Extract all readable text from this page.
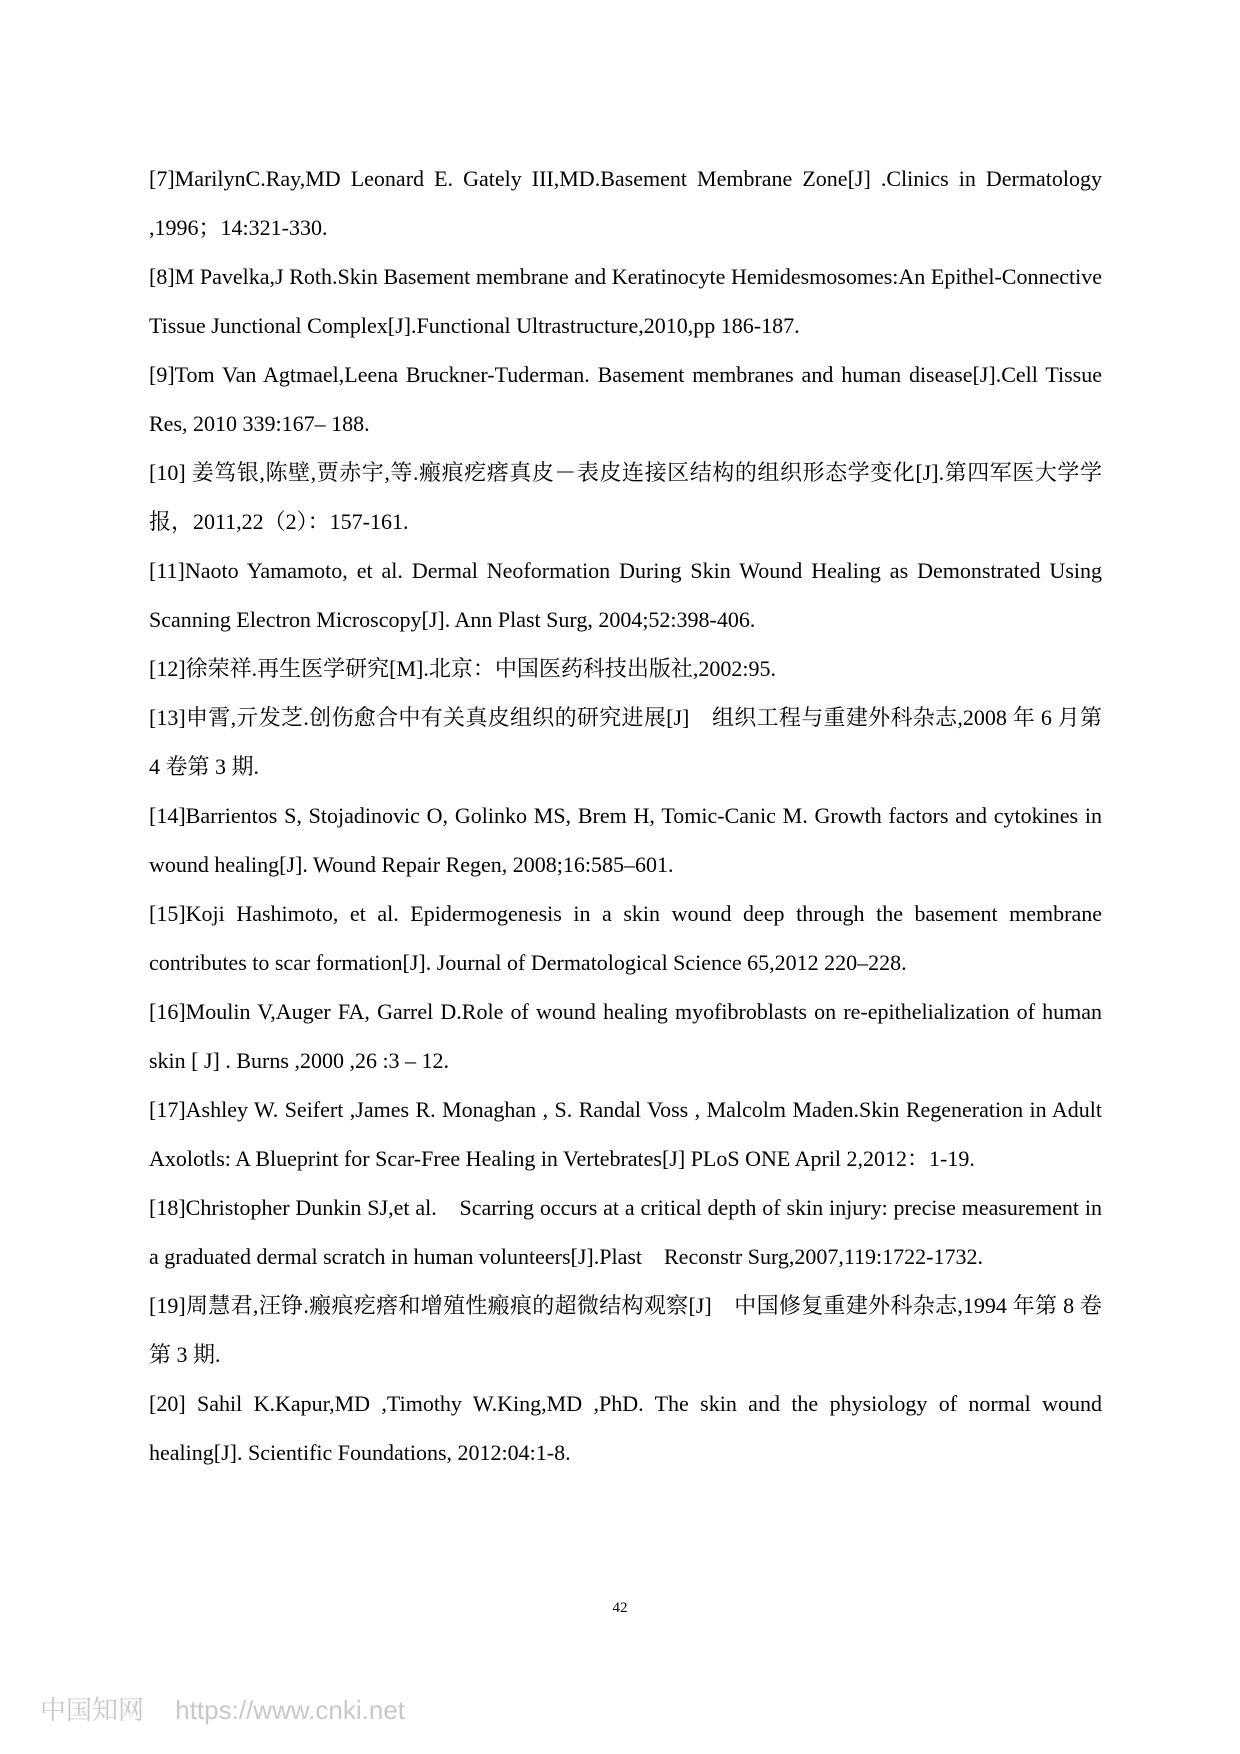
[7]MarilynC.Ray,MD Leonard E. Gately III,MD.Basement Membrane Zone[J] .Clinics in Dermatology ,1996；14:321-330.
[8]M Pavelka,J Roth.Skin Basement membrane and Keratinocyte Hemidesmosomes:An Epithel-Connective Tissue Junctional Complex[J].Functional Ultrastructure,2010,pp 186-187.
[9]Tom Van Agtmael,Leena Bruckner-Tuderman. Basement membranes and human disease[J].Cell Tissue Res, 2010 339:167– 188.
[10] 姜笃银,陈壁,贾赤宇,等.瘢痕疙瘩真皮－表皮连接区结构的组织形态学变化[J].第四军医大学学报，2011,22（2）：157-161.
[11]Naoto Yamamoto, et al. Dermal Neoformation During Skin Wound Healing as Demonstrated Using Scanning Electron Microscopy[J]. Ann Plast Surg, 2004;52:398-406.
[12]徐荣祥.再生医学研究[M].北京：中国医药科技出版社,2002:95.
[13]申霄,亓发芝.创伤愈合中有关真皮组织的研究进展[J]　组织工程与重建外科杂志,2008 年 6 月第 4 卷第 3 期.
[14]Barrientos S, Stojadinovic O, Golinko MS, Brem H, Tomic-Canic M. Growth factors and cytokines in wound healing[J]. Wound Repair Regen, 2008;16:585–601.
[15]Koji Hashimoto, et al. Epidermogenesis in a skin wound deep through the basement membrane contributes to scar formation[J]. Journal of Dermatological Science 65,2012 220–228.
[16]Moulin V,Auger FA, Garrel D.Role of wound healing myofibroblasts on re-epithelialization of human skin [ J] . Burns ,2000 ,26 :3 – 12.
[17]Ashley W. Seifert ,James R. Monaghan , S. Randal Voss , Malcolm Maden.Skin Regeneration in Adult Axolotls: A Blueprint for Scar-Free Healing in Vertebrates[J] PLoS ONE April 2,2012：1-19.
[18]Christopher Dunkin SJ,et al.　Scarring occurs at a critical depth of skin injury: precise measurement in a graduated dermal scratch in human volunteers[J].Plast　Reconstr Surg,2007,119:1722-1732.
[19]周慧君,汪铮.瘢痕疙瘩和增殖性瘢痕的超微结构观察[J]　中国修复重建外科杂志,1994 年第 8 卷第 3 期.
[20] Sahil K.Kapur,MD ,Timothy W.King,MD ,PhD. The skin and the physiology of normal wound healing[J]. Scientific Foundations, 2012:04:1-8.
42
中国知网 https://www.cnki.net
